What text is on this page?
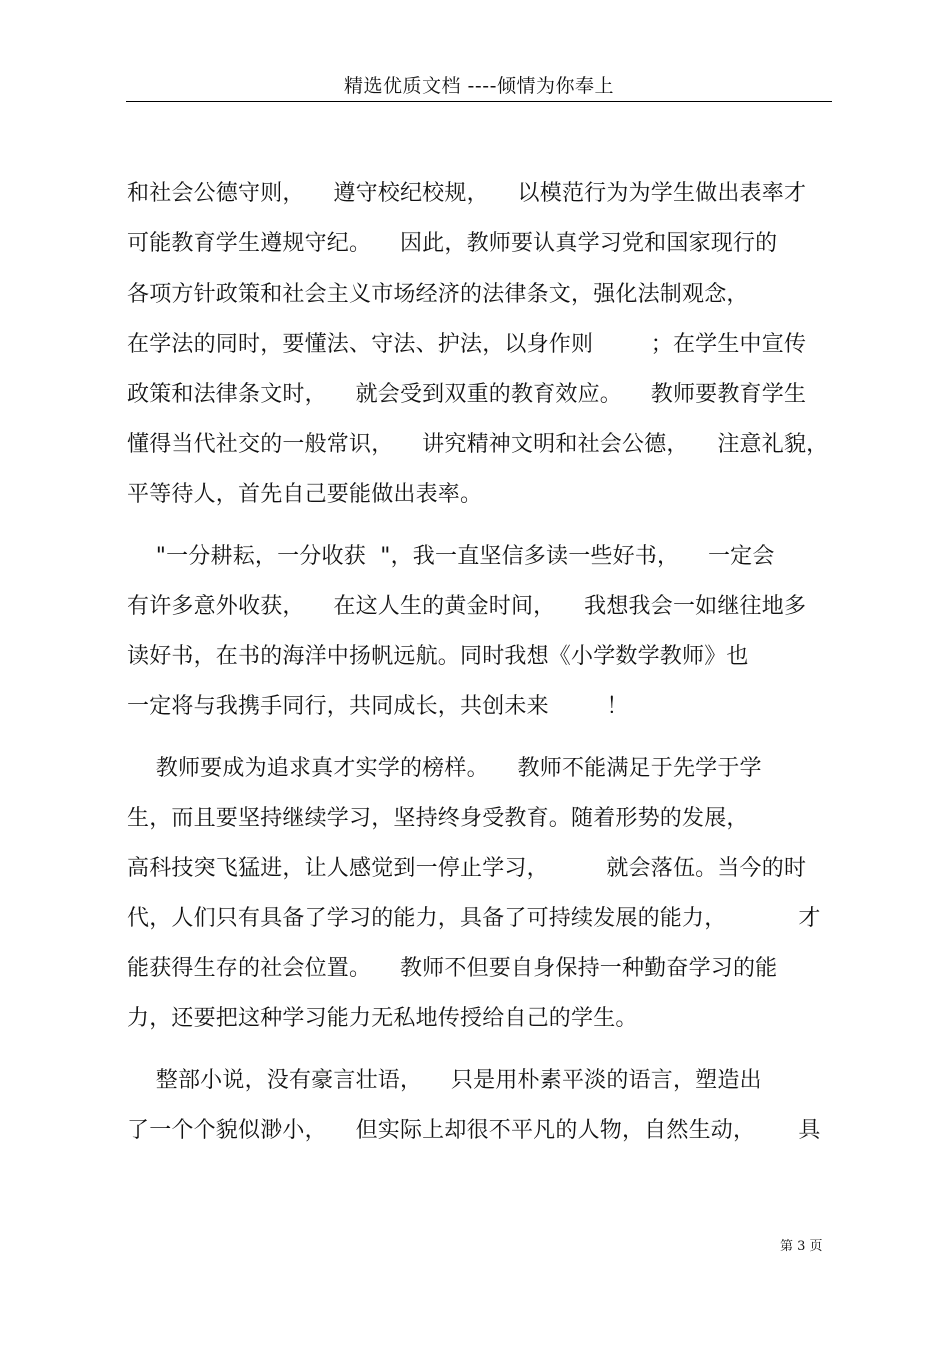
精选优质文档 ----倾情为你奉上
和社会公德守则，    遵守校纪校规，    以模范行为为学生做出表率才
可能教育学生遵规守纪。    因此，教师要认真学习党和国家现行的
各项方针政策和社会主义市场经济的法律条文，强化法制观念，
在学法的同时，要懂法、守法、护法，以身作则        ；在学生中宣传
政策和法律条文时，    就会受到双重的教育效应。    教师要教育学生
懂得当代社交的一般常识，    讲究精神文明和社会公德，    注意礼貌，
平等待人，首先自己要能做出表率。
"一分耕耘，一分收获  "，我一直坚信多读一些好书，    一定会
有许多意外收获，    在这人生的黄金时间，    我想我会一如继往地多
读好书，在书的海洋中扬帆远航。同时我想《小学数学教师》也
一定将与我携手同行，共同成长，共创未来        ！
教师要成为追求真才实学的榜样。    教师不能满足于先学于学
生，而且要坚持继续学习，坚持终身受教育。随着形势的发展，
高科技突飞猛进，让人感觉到一停止学习，        就会落伍。当今的时
代，人们只有具备了学习的能力，具备了可持续发展的能力，          才
能获得生存的社会位置。    教师不但要自身保持一种勤奋学习的能
力，还要把这种学习能力无私地传授给自己的学生。
整部小说，没有豪言壮语，    只是用朴素平淡的语言，塑造出
了一个个貌似渺小，    但实际上却很不平凡的人物，自然生动，      具
第 3 页
